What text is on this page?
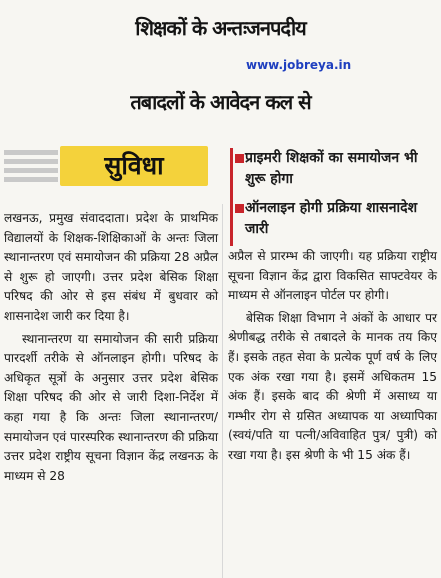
शिक्षकों के अन्तःजनपदीय
www.jobreya.in
तबादलों के आवेदन कल से
सुविधा	प्राइमरी शिक्षकों का समायोजन भी शुरू होगा
ऑनलाइन होगी प्रक्रिया शासनादेश जारी

लखनऊ, प्रमुख संवाददाता। प्रदेश के प्राथमिक विद्यालयों के शिक्षक-शिक्षिकाओं के अन्तः जिला स्थानान्तरण एवं समायोजन की प्रक्रिया 28 अप्रैल से शुरू हो जाएगी। उत्तर प्रदेश बेसिक शिक्षा परिषद की ओर से इस संबंध में बुधवार को शासनादेश जारी कर दिया है।

स्थानान्तरण या समायोजन की सारी प्रक्रिया पारदर्शी तरीके से ऑनलाइन होगी। परिषद के अधिकृत सूत्रों के अनुसार उत्तर प्रदेश बेसिक शिक्षा परिषद की ओर से जारी दिशा-निर्देश में कहा गया है कि अन्तः जिला स्थानान्तरण/ समायोजन एवं पारस्परिक स्थानान्तरण की प्रक्रिया उत्तर प्रदेश राष्ट्रीय सूचना विज्ञान केंद्र लखनऊ के माध्यम से 28

अप्रैल से प्रारम्भ की जाएगी। यह प्रक्रिया राष्ट्रीय सूचना विज्ञान केंद्र द्वारा विकसित साफ्टवेयर के माध्यम से ऑनलाइन पोर्टल पर होगी।

बेसिक शिक्षा विभाग ने अंकों के आधार पर श्रेणीबद्ध तरीके से तबादले के मानक तय किए हैं। इसके तहत सेवा के प्रत्येक पूर्ण वर्ष के लिए एक अंक रखा गया है। इसमें अधिकतम 15 अंक हैं। इसके बाद की श्रेणी में असाध्य या गम्भीर रोग से ग्रसित अध्यापक या अध्यापिका (स्वयं/पति या पत्नी/अविवाहित पुत्र/ पुत्री) को रखा गया है। इस श्रेणी के भी 15 अंक हैं।
